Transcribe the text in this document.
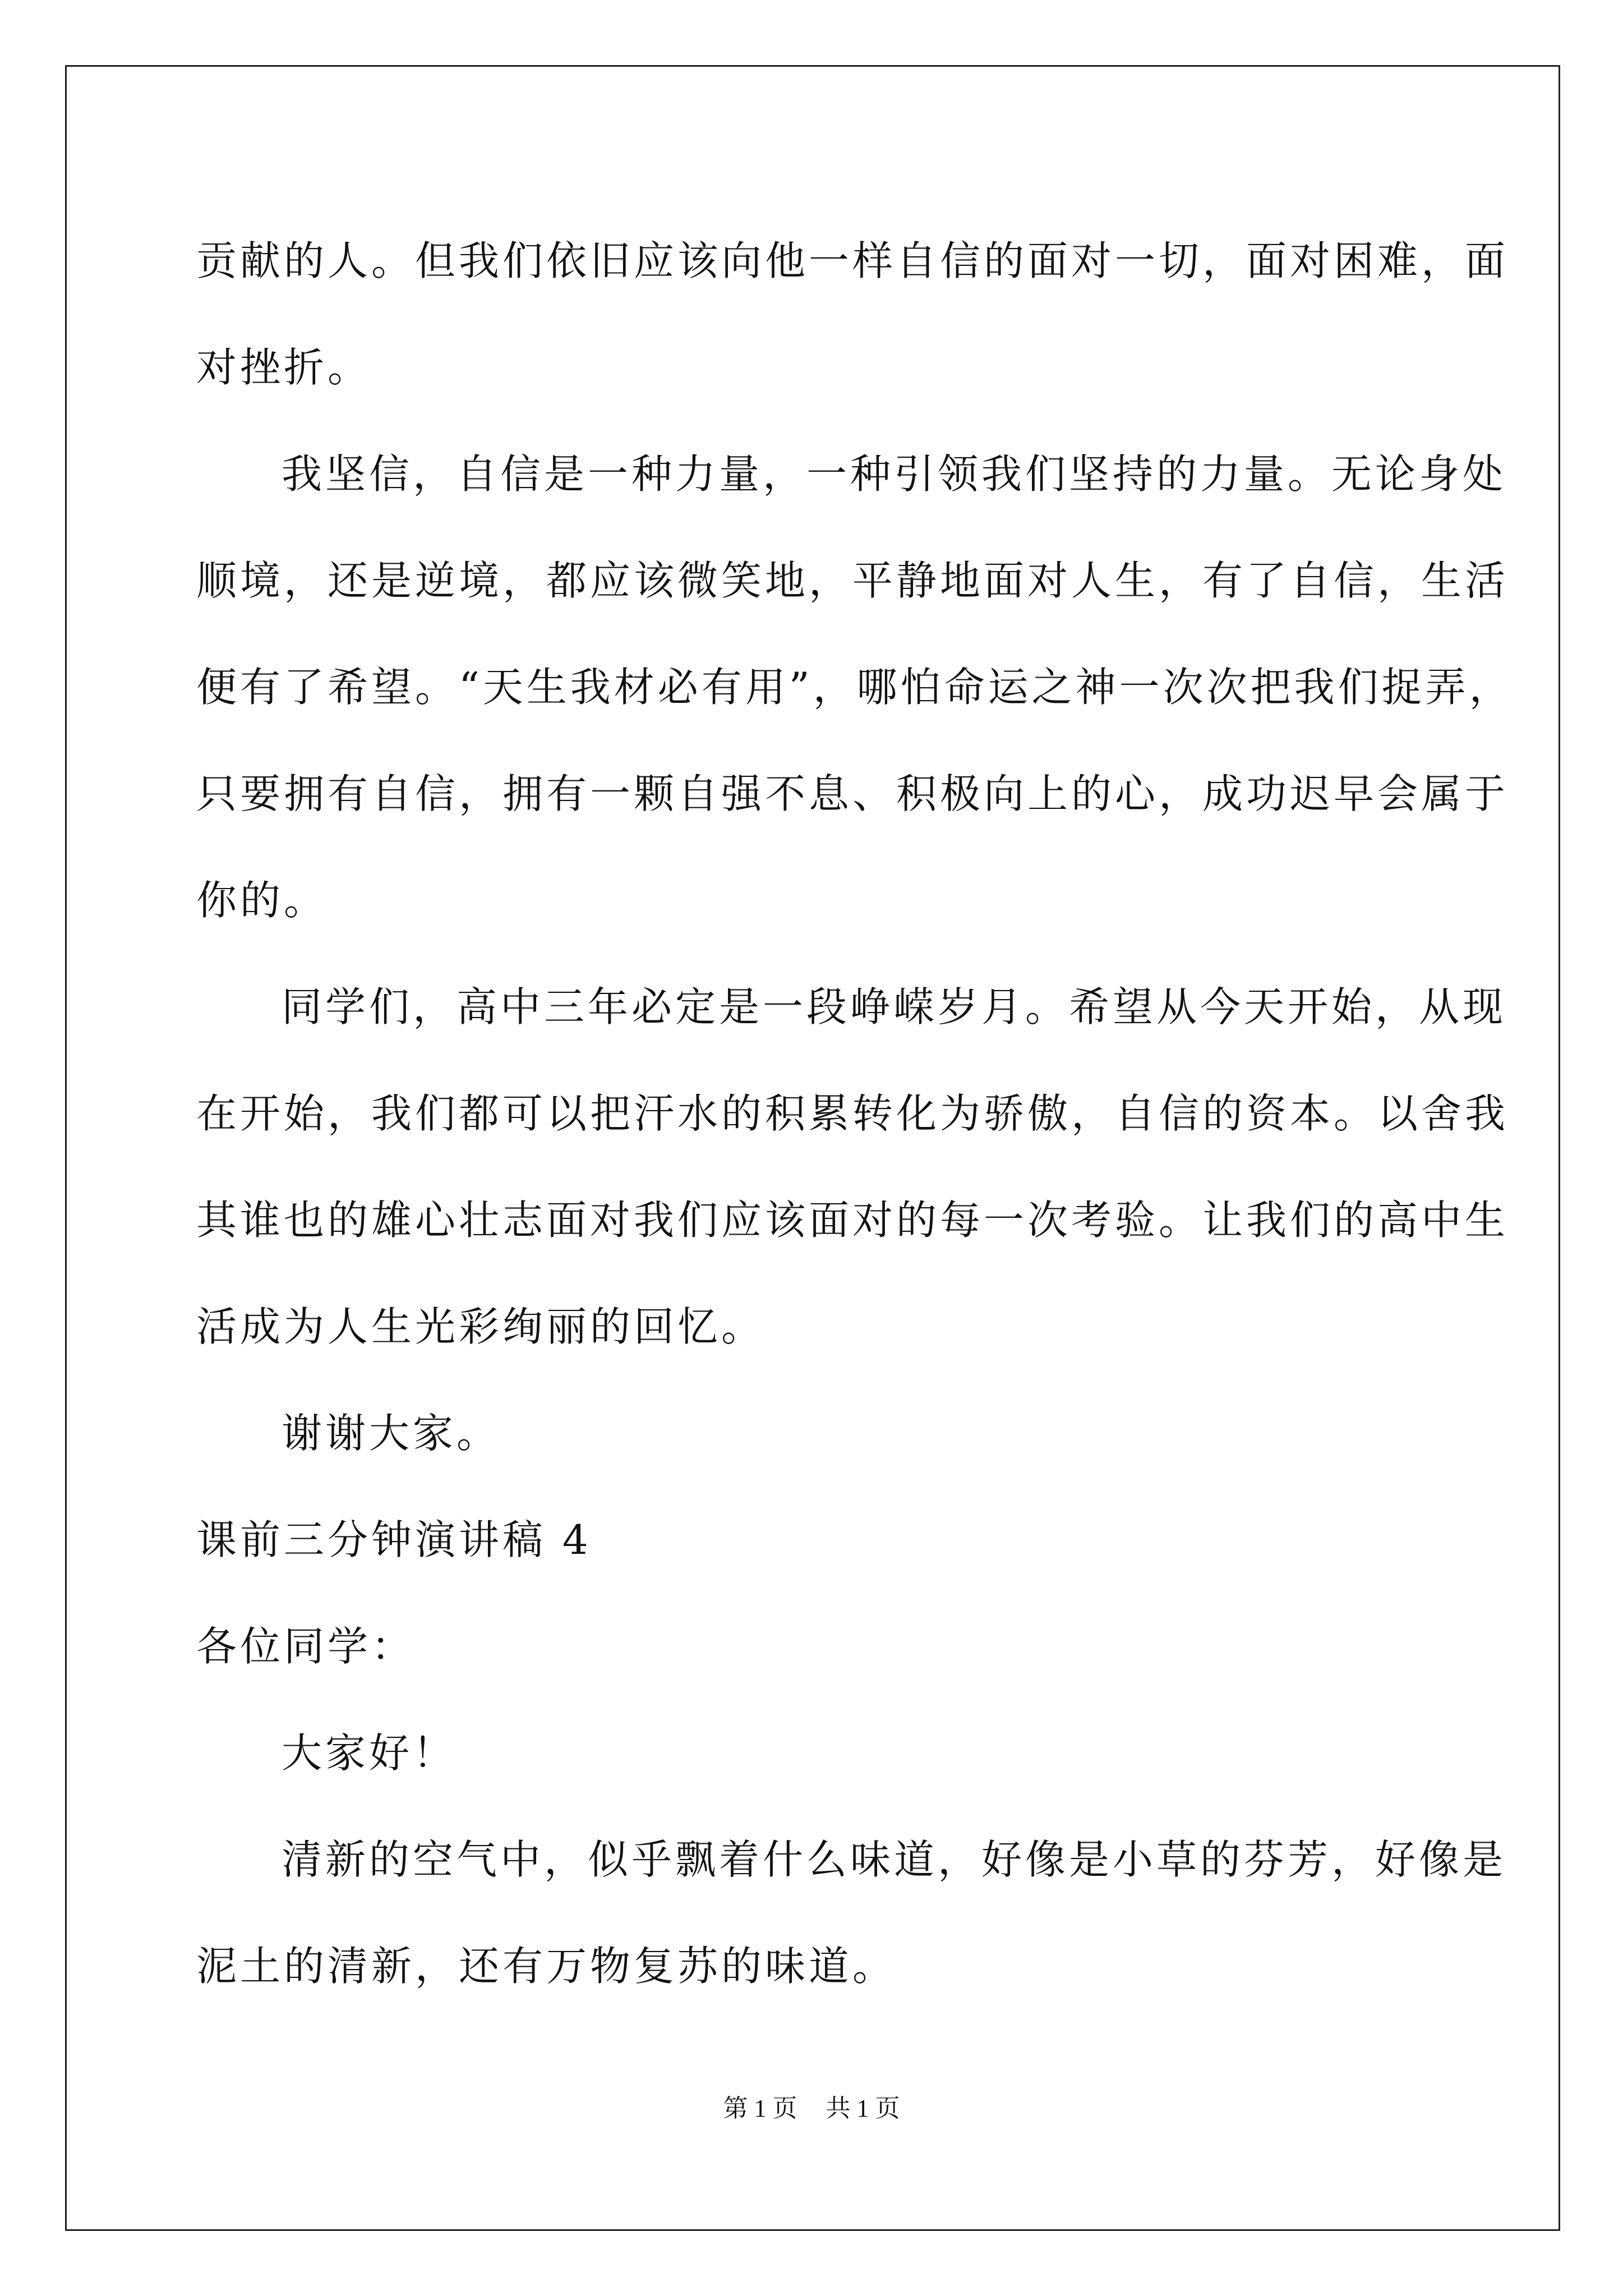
贡献的人。但我们依旧应该向他一样自信的面对一切，面对困难，面
对挫折。
我坚信，自信是一种力量，一种引领我们坚持的力量。无论身处
顺境，还是逆境，都应该微笑地，平静地面对人生，有了自信，生活
便有了希望。“天生我材必有用”，哪怕命运之神一次次把我们捉弄，
只要拥有自信，拥有一颗自强不息、积极向上的心，成功迟早会属于
你的。
同学们，高中三年必定是一段峥嵘岁月。希望从今天开始，从现
在开始，我们都可以把汗水的积累转化为骄傲，自信的资本。以舍我
其谁也的雄心壮志面对我们应该面对的每一次考验。让我们的高中生
活成为人生光彩绚丽的回忆。
谢谢大家。
课前三分钟演讲稿 4
各位同学：
大家好！
清新的空气中，似乎飘着什么味道，好像是小草的芬芳，好像是
泥土的清新，还有万物复苏的味道。
第 1 页 共 1 页
